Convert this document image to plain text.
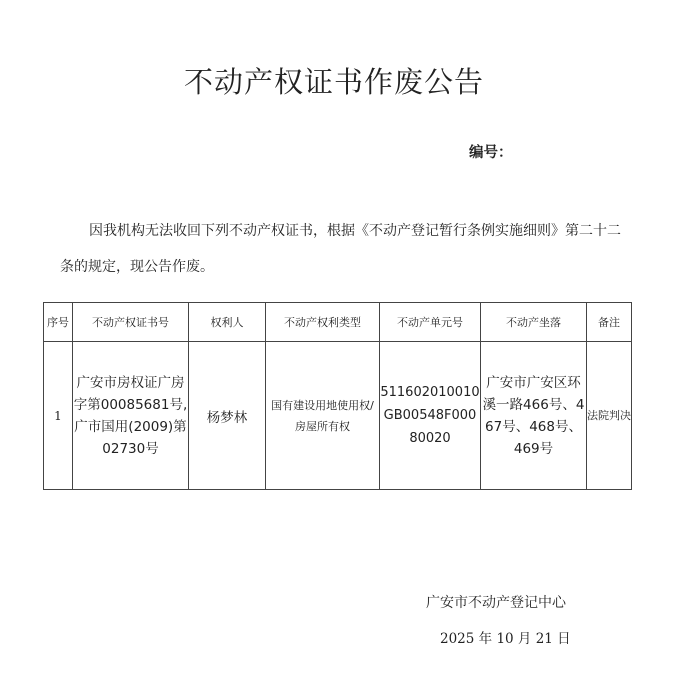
不动产权证书作废公告
编号：
因我机构无法收回下列不动产权证书，根据《不动产登记暂行条例实施细则》第二十二
条的规定，现公告作废。
序号	不动产权证书号	权利人	不动产权利类型	不动产单元号	不动产坐落	备注
1	广安市房权证广房字第00085681号,广市国用(2009)第02730号	杨梦林	国有建设用地使用权/房屋所有权	511602010010GB00548F00080020	广安市广安区环溪一路466号、467号、468号、469号	法院判决
广安市不动产登记中心
2025 年 10 月 21 日
